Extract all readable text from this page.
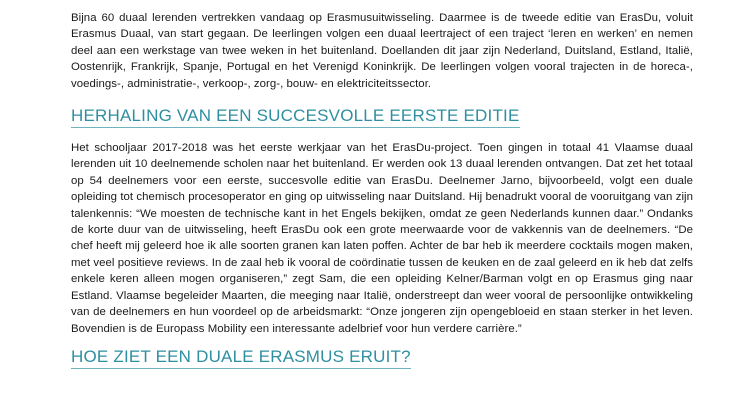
Bijna 60 duaal lerenden vertrekken vandaag op Erasmusuitwisseling. Daarmee is de tweede editie van ErasDu, voluit Erasmus Duaal, van start gegaan. De leerlingen volgen een duaal leertraject of een traject ‘leren en werken’ en nemen deel aan een werkstage van twee weken in het buitenland. Doellanden dit jaar zijn Nederland, Duitsland, Estland, Italië, Oostenrijk, Frankrijk, Spanje, Portugal en het Verenigd Koninkrijk. De leerlingen volgen vooral trajecten in de horeca-, voedings-, administratie-, verkoop-, zorg-, bouw- en elektriciteitssector.

HERHALING VAN EEN SUCCESVOLLE EERSTE EDITIE

Het schooljaar 2017-2018 was het eerste werkjaar van het ErasDu-project. Toen gingen in totaal 41 Vlaamse duaal lerenden uit 10 deelnemende scholen naar het buitenland. Er werden ook 13 duaal lerenden ontvangen. Dat zet het totaal op 54 deelnemers voor een eerste, succesvolle editie van ErasDu. Deelnemer Jarno, bijvoorbeeld, volgt een duale opleiding tot chemisch procesoperator en ging op uitwisseling naar Duitsland. Hij benadrukt vooral de vooruitgang van zijn talenkennis: “We moesten de technische kant in het Engels bekijken, omdat ze geen Nederlands kunnen daar.” Ondanks de korte duur van de uitwisseling, heeft ErasDu ook een grote meerwaarde voor de vakkennis van de deelnemers. “De chef heeft mij geleerd hoe ik alle soorten granen kan laten poffen. Achter de bar heb ik meerdere cocktails mogen maken, met veel positieve reviews. In de zaal heb ik vooral de coördinatie tussen de keuken en de zaal geleerd en ik heb dat zelfs enkele keren alleen mogen organiseren,” zegt Sam, die een opleiding Kelner/Barman volgt en op Erasmus ging naar Estland. Vlaamse begeleider Maarten, die meeging naar Italië, onderstreept dan weer vooral de persoonlijke ontwikkeling van de deelnemers en hun voordeel op de arbeidsmarkt: “Onze jongeren zijn opengebloeid en staan sterker in het leven. Bovendien is de Europass Mobility een interessante adelbrief voor hun verdere carrière.”

HOE ZIET EEN DUALE ERASMUS ERUIT?
